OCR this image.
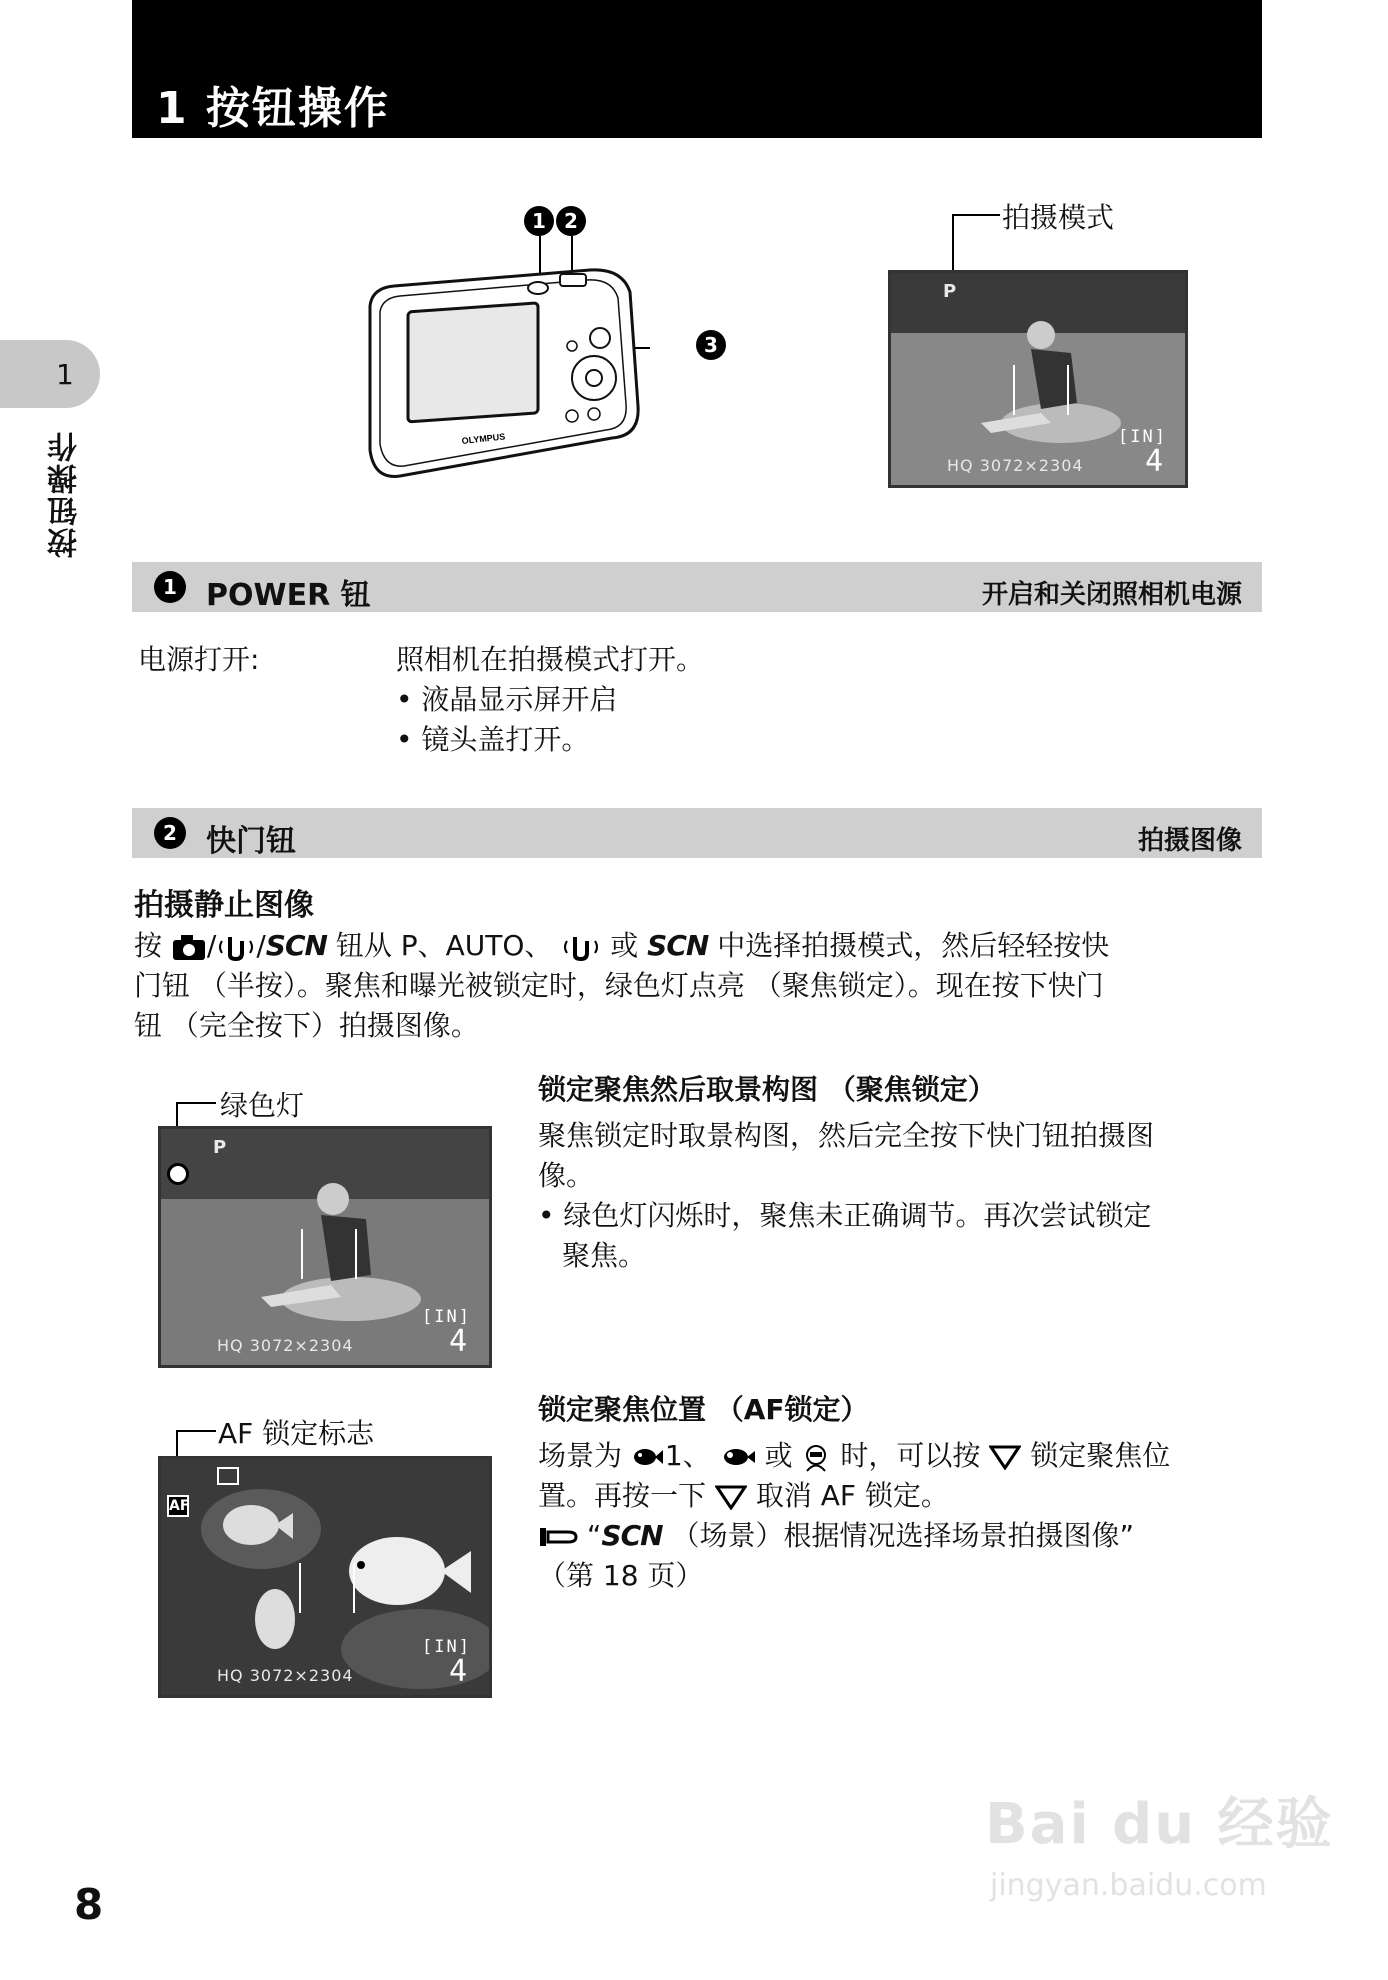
1 按钮操作
1
按钮操作
1 2
3
OLYMPUS
拍摄模式
P
[IN]
HQ 3072×2304 4
1 POWER 钮	开启和关闭照相机电源
电源打开:	照相机在拍摄模式打开。
• 液晶显示屏开启
• 镜头盖打开。
2 快门钮	拍摄图像
拍摄静止图像
按 / /SCN 钮从 P、AUTO、 或 SCN 中选择拍摄模式，然后轻轻按快
门钮 （半按）。聚焦和曝光被锁定时，绿色灯点亮 （聚焦锁定）。现在按下快门
钮 （完全按下）拍摄图像。
绿色灯
P
[IN]
HQ 3072×2304	4
锁定聚焦然后取景构图 （聚焦锁定）
聚焦锁定时取景构图，然后完全按下快门钮拍摄图
像。
• 绿色灯闪烁时，聚焦未正确调节。再次尝试锁定
聚焦。
AF 锁定标志
AF
[IN]
HQ 3072×2304	4
锁定聚焦位置 （AF锁定）
场景为 1、 或 时，可以按 锁定聚焦位
置。再按一下 取消 AF 锁定。
“SCN （场景）根据情况选择场景拍摄图像”
（第 18 页）
8
Bai du 经验
jingyan.baidu.com
